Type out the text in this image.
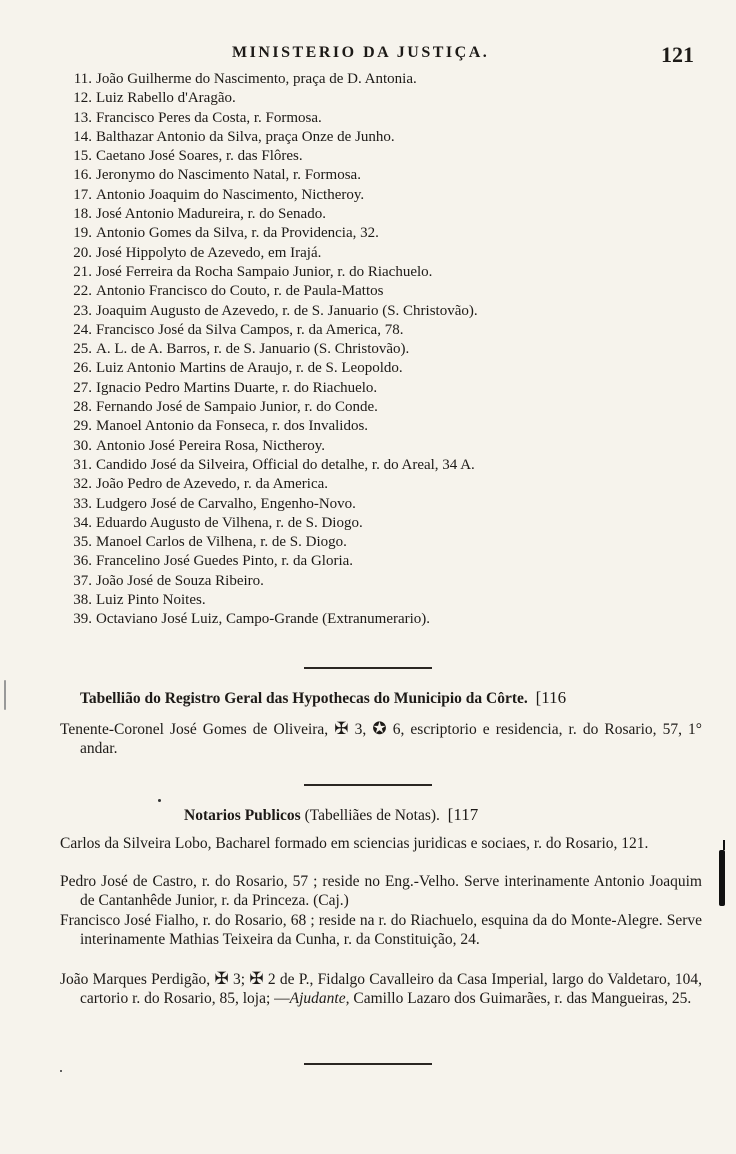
MINISTERIO DA JUSTIÇA.	121
11. João Guilherme do Nascimento, praça de D. Antonia.
12. Luiz Rabello d'Aragão.
13. Francisco Peres da Costa, r. Formosa.
14. Balthazar Antonio da Silva, praça Onze de Junho.
15. Caetano José Soares, r. das Flôres.
16. Jeronymo do Nascimento Natal, r. Formosa.
17. Antonio Joaquim do Nascimento, Nictheroy.
18. José Antonio Madureira, r. do Senado.
19. Antonio Gomes da Silva, r. da Providencia, 32.
20. José Hippolyto de Azevedo, em Irajá.
21. José Ferreira da Rocha Sampaio Junior, r. do Riachuelo.
22. Antonio Francisco do Couto, r. de Paula-Mattos
23. Joaquim Augusto de Azevedo, r. de S. Januario (S. Christovão).
24. Francisco José da Silva Campos, r. da America, 78.
25. A. L. de A. Barros, r. de S. Januario (S. Christovão).
26. Luiz Antonio Martins de Araujo, r. de S. Leopoldo.
27. Ignacio Pedro Martins Duarte, r. do Riachuelo.
28. Fernando José de Sampaio Junior, r. do Conde.
29. Manoel Antonio da Fonseca, r. dos Invalidos.
30. Antonio José Pereira Rosa, Nictheroy.
31. Candido José da Silveira, Official do detalhe, r. do Areal, 34 A.
32. João Pedro de Azevedo, r. da America.
33. Ludgero José de Carvalho, Engenho-Novo.
34. Eduardo Augusto de Vilhena, r. de S. Diogo.
35. Manoel Carlos de Vilhena, r. de S. Diogo.
36. Francelino José Guedes Pinto, r. da Gloria.
37. João José de Souza Ribeiro.
38. Luiz Pinto Noites.
39. Octaviano José Luiz, Campo-Grande (Extranumerario).
Tabellião do Registro Geral das Hypothecas do Municipio da Côrte. [116
Tenente-Coronel José Gomes de Oliveira, ✠ 3, ✪ 6, escriptorio e residencia, r. do Rosario, 57, 1° andar.
Notarios Publicos (Tabelliães de Notas). [117
Carlos da Silveira Lobo, Bacharel formado em sciencias juridicas e sociaes, r. do Rosario, 121.
Pedro José de Castro, r. do Rosario, 57 ; reside no Eng.-Velho. Serve interinamente Antonio Joaquim de Cantanhêde Junior, r. da Princeza. (Caj.)
Francisco José Fialho, r. do Rosario, 68 ; reside na r. do Riachuelo, esquina da do Monte-Alegre. Serve interinamente Mathias Teixeira da Cunha, r. da Constituição, 24.
João Marques Perdigão, ✠ 3; ✠ 2 de P., Fidalgo Cavalleiro da Casa Imperial, largo do Valdetaro, 104, cartorio r. do Rosario, 85, loja; —Ajudante, Camillo Lazaro dos Guimarães, r. das Mangueiras, 25.
